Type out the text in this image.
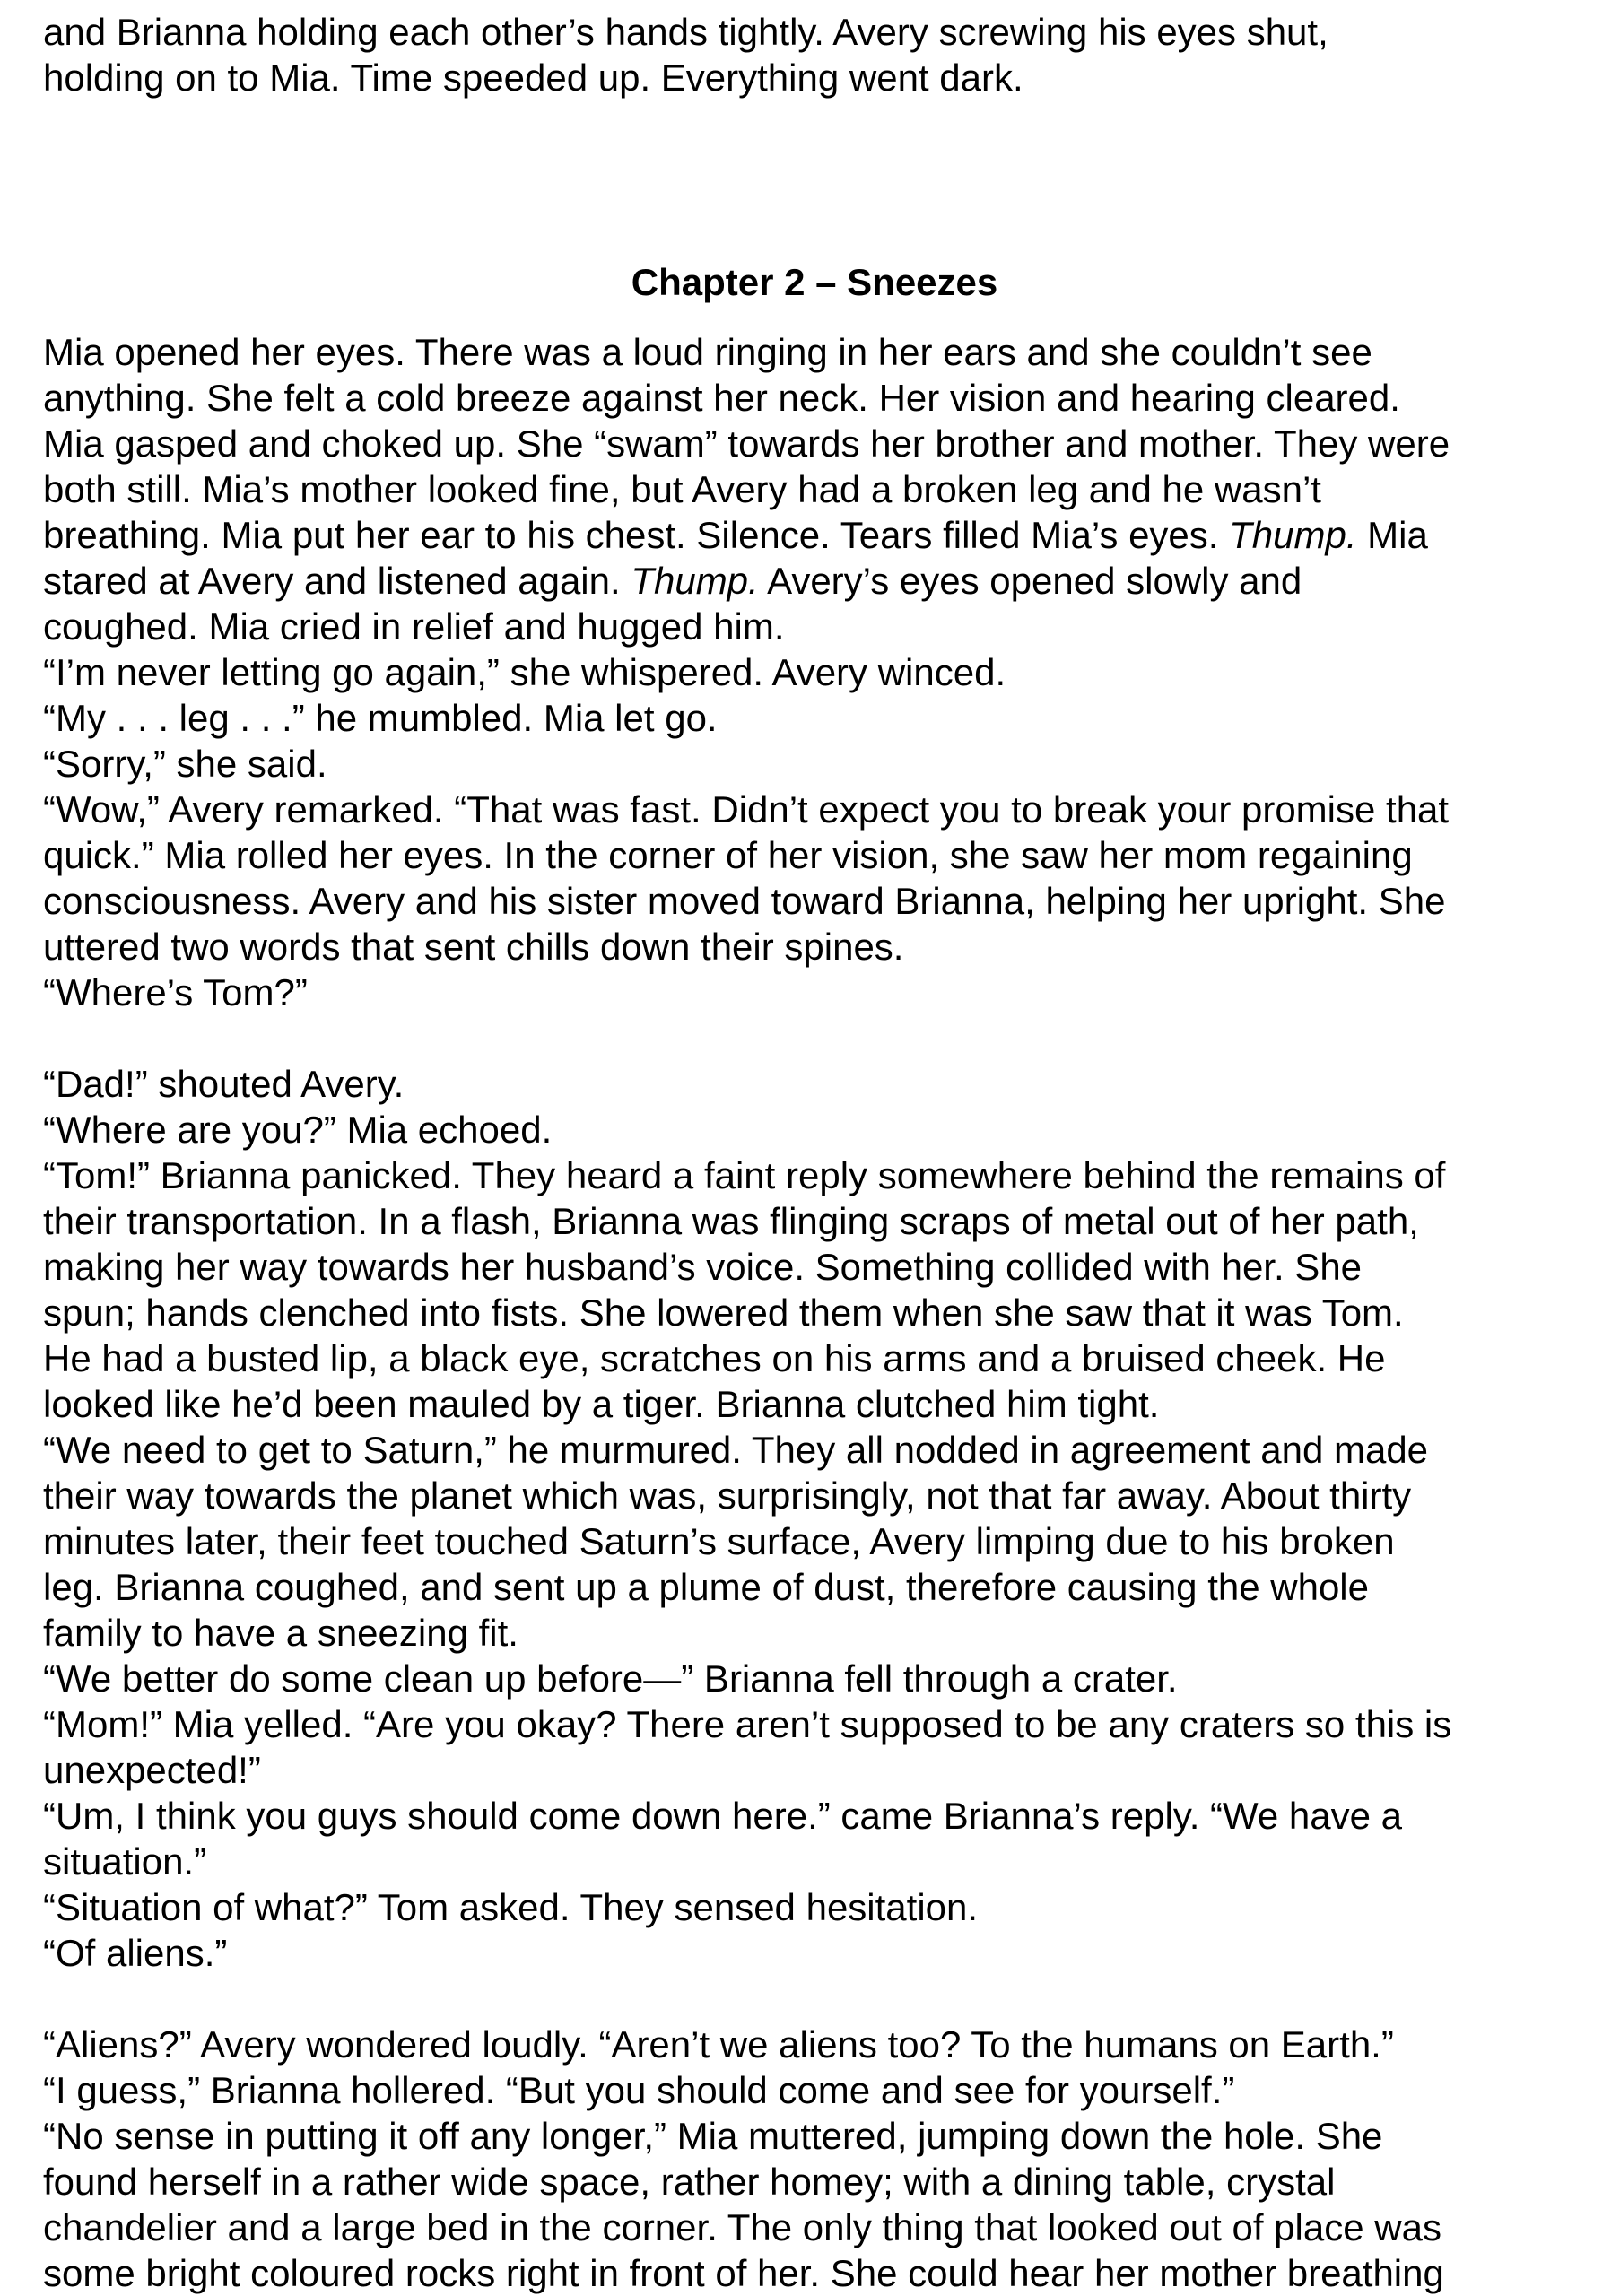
and Brianna holding each other’s hands tightly. Avery screwing his eyes shut,
holding on to Mia. Time speeded up. Everything went dark.
Chapter 2 – Sneezes
Mia opened her eyes. There was a loud ringing in her ears and she couldn’t see
anything. She felt a cold breeze against her neck. Her vision and hearing cleared.
Mia gasped and choked up. She “swam” towards her brother and mother. They were
both still. Mia’s mother looked fine, but Avery had a broken leg and he wasn’t
breathing. Mia put her ear to his chest. Silence. Tears filled Mia’s eyes. Thump. Mia
stared at Avery and listened again. Thump. Avery’s eyes opened slowly and
coughed. Mia cried in relief and hugged him.
“I’m never letting go again,” she whispered. Avery winced.
“My . . . leg . . .” he mumbled. Mia let go.
“Sorry,” she said.
“Wow,” Avery remarked. “That was fast. Didn’t expect you to break your promise that
quick.” Mia rolled her eyes. In the corner of her vision, she saw her mom regaining
consciousness. Avery and his sister moved toward Brianna, helping her upright. She
uttered two words that sent chills down their spines.
“Where’s Tom?”
“Dad!” shouted Avery.
“Where are you?” Mia echoed.
“Tom!” Brianna panicked. They heard a faint reply somewhere behind the remains of
their transportation. In a flash, Brianna was flinging scraps of metal out of her path,
making her way towards her husband’s voice. Something collided with her. She
spun; hands clenched into fists. She lowered them when she saw that it was Tom.
He had a busted lip, a black eye, scratches on his arms and a bruised cheek. He
looked like he’d been mauled by a tiger. Brianna clutched him tight.
“We need to get to Saturn,” he murmured. They all nodded in agreement and made
their way towards the planet which was, surprisingly, not that far away. About thirty
minutes later, their feet touched Saturn’s surface, Avery limping due to his broken
leg. Brianna coughed, and sent up a plume of dust, therefore causing the whole
family to have a sneezing fit.
“We better do some clean up before—” Brianna fell through a crater.
“Mom!” Mia yelled. “Are you okay? There aren’t supposed to be any craters so this is
unexpected!”
“Um, I think you guys should come down here.” came Brianna’s reply. “We have a
situation.”
“Situation of what?” Tom asked. They sensed hesitation.
“Of aliens.”
“Aliens?” Avery wondered loudly. “Aren’t we aliens too? To the humans on Earth.”
“I guess,” Brianna hollered. “But you should come and see for yourself.”
“No sense in putting it off any longer,” Mia muttered, jumping down the hole. She
found herself in a rather wide space, rather homey; with a dining table, crystal
chandelier and a large bed in the corner. The only thing that looked out of place was
some bright coloured rocks right in front of her. She could hear her mother breathing
